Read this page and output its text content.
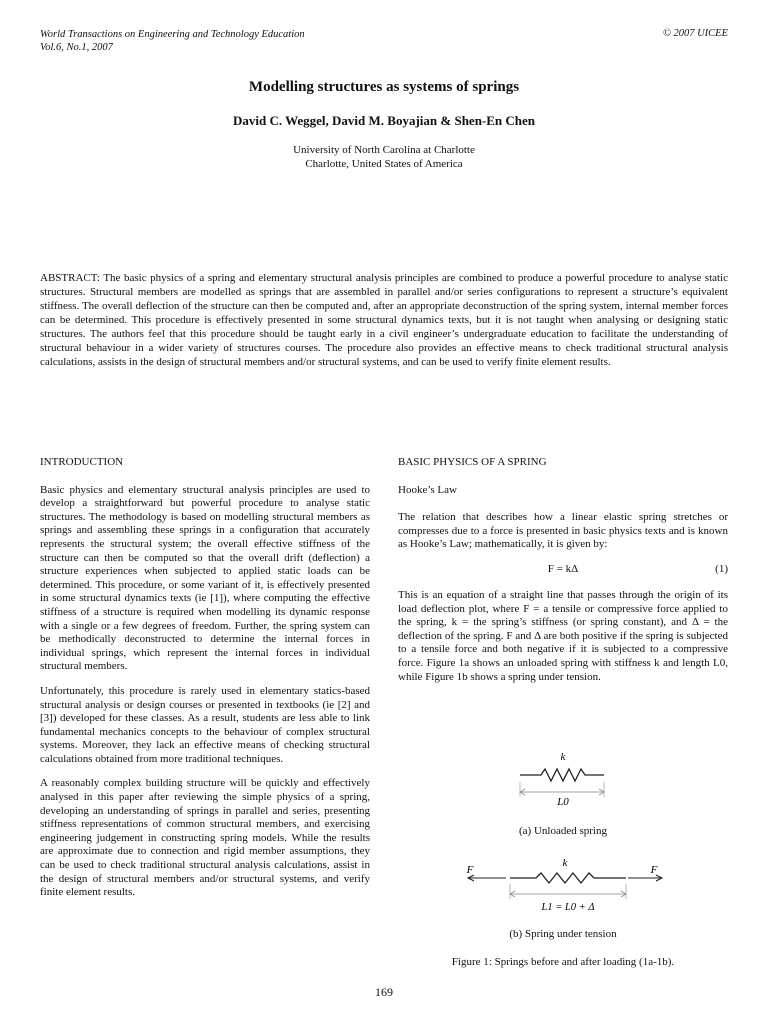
World Transactions on Engineering and Technology Education
Vol.6, No.1, 2007
© 2007 UICEE
Modelling structures as systems of springs
David C. Weggel, David M. Boyajian & Shen-En Chen
University of North Carolina at Charlotte
Charlotte, United States of America
ABSTRACT: The basic physics of a spring and elementary structural analysis principles are combined to produce a powerful procedure to analyse static structures. Structural members are modelled as springs that are assembled in parallel and/or series configurations to represent a structure’s equivalent stiffness. The overall deflection of the structure can then be computed and, after an appropriate deconstruction of the spring system, internal member forces can be determined. This procedure is effectively presented in some structural dynamics texts, but it is not taught when analysing or designing static structures. The authors feel that this procedure should be taught early in a civil engineer’s undergraduate education to facilitate the understanding of structural behaviour in a wider variety of structures courses. The procedure also provides an effective means to check traditional structural analysis calculations, assists in the design of structural members and/or structural systems, and can be used to verify finite element results.
INTRODUCTION

Basic physics and elementary structural analysis principles are used to develop a straightforward but powerful procedure to analyse static structures. The methodology is based on modelling structural members as springs and assembling these springs in a configuration that accurately represents the structural system; the overall effective stiffness of the structure can then be computed so that the overall drift (deflection) a structure experiences when subjected to applied static loads can be determined. This procedure, or some variant of it, is effectively presented in some structural dynamics texts (ie [1]), where computing the effective stiffness of a structure is required when modelling its dynamic response with a single or a few degrees of freedom. Further, the spring system can be methodically deconstructed to determine the internal forces in individual springs, which represent the internal forces in individual structural members.

Unfortunately, this procedure is rarely used in elementary statics-based structural analysis or design courses or presented in textbooks (ie [2] and [3]) developed for these classes. As a result, students are less able to link fundamental mechanics concepts to the behaviour of complex structural systems. Moreover, they lack an effective means of checking structural calculations obtained from more traditional techniques.

A reasonably complex building structure will be quickly and effectively analysed in this paper after reviewing the simple physics of a spring, developing an understanding of springs in parallel and series, presenting stiffness representations of common structural members, and exercising engineering judgement in constructing spring models. While the results are approximate due to connection and rigid member assumptions, they can be used to check traditional structural analysis calculations, assist in the design of structural members and/or structural systems, and verify finite element results.

BASIC PHYSICS OF A SPRING
Hooke’s Law

The relation that describes how a linear elastic spring stretches or compresses due to a force is presented in basic physics texts and is known as Hooke’s Law; mathematically, it is given by:

F = kΔ	(1)

This is an equation of a straight line that passes through the origin of its load deflection plot, where F = a tensile or compressive force applied to the spring, k = the spring’s stiffness (or spring constant), and Δ = the deflection of the spring. F and Δ are both positive if the spring is subjected to a tensile force and both negative if it is subjected to a compressive force. Figure 1a shows an unloaded spring with stiffness k and length L0, while Figure 1b shows a spring under tension.

k
L0
(a) Unloaded spring
k
F	F
L1 = L0 + Δ
(b) Spring under tension
Figure 1: Springs before and after loading (1a-1b).
169
